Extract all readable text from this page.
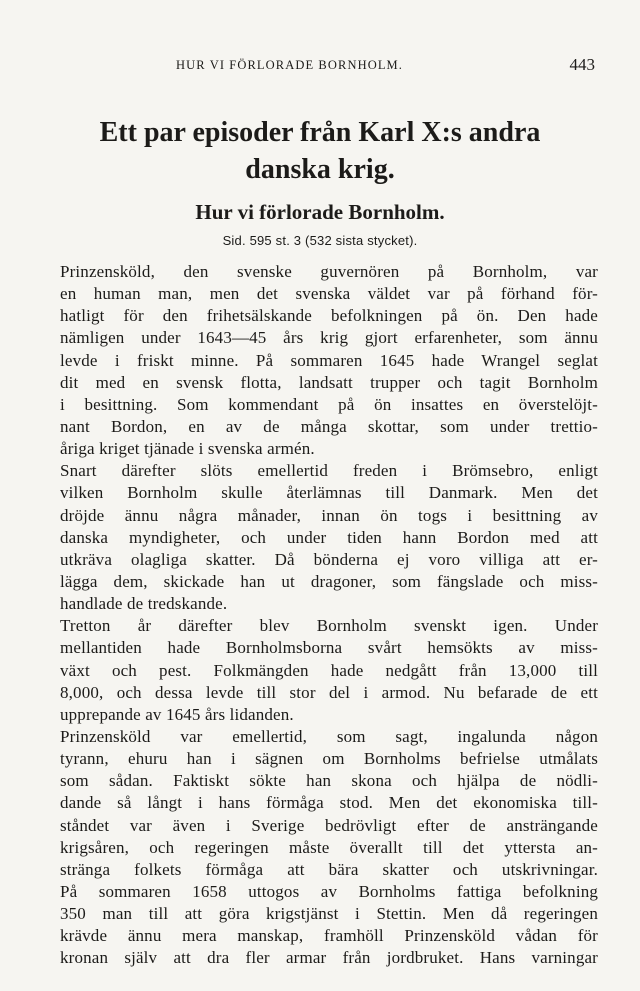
HUR VI FÖRLORADE BORNHOLM.	443
Ett par episoder från Karl X:s andra
danska krig.
Hur vi förlorade Bornholm.
Sid. 595 st. 3 (532 sista stycket).
Prinzensköld, den svenske guvernören på Bornholm, var
en human man, men det svenska väldet var på förhand för-
hatligt för den frihetsälskande befolkningen på ön. Den hade
nämligen under 1643—45 års krig gjort erfarenheter, som ännu
levde i friskt minne. På sommaren 1645 hade Wrangel seglat
dit med en svensk flotta, landsatt trupper och tagit Bornholm
i besittning. Som kommendant på ön insattes en överstelöjt-
nant Bordon, en av de många skottar, som under trettio-
åriga kriget tjänade i svenska armén.
Snart därefter slöts emellertid freden i Brömsebro, enligt
vilken Bornholm skulle återlämnas till Danmark. Men det
dröjde ännu några månader, innan ön togs i besittning av
danska myndigheter, och under tiden hann Bordon med att
utkräva olagliga skatter. Då bönderna ej voro villiga att er-
lägga dem, skickade han ut dragoner, som fängslade och miss-
handlade de tredskande.
Tretton år därefter blev Bornholm svenskt igen. Under
mellantiden hade Bornholmsborna svårt hemsökts av miss-
växt och pest. Folkmängden hade nedgått från 13,000 till
8,000, och dessa levde till stor del i armod. Nu befarade de ett
upprepande av 1645 års lidanden.
Prinzensköld var emellertid, som sagt, ingalunda någon
tyrann, ehuru han i sägnen om Bornholms befrielse utmålats
som sådan. Faktiskt sökte han skona och hjälpa de nödli-
dande så långt i hans förmåga stod. Men det ekonomiska till-
ståndet var även i Sverige bedrövligt efter de ansträngande
krigsåren, och regeringen måste överallt till det yttersta an-
stränga folkets förmåga att bära skatter och utskrivningar.
På sommaren 1658 uttogos av Bornholms fattiga befolkning
350 man till att göra krigstjänst i Stettin. Men då regeringen
krävde ännu mera manskap, framhöll Prinzensköld vådan för
kronan själv att dra fler armar från jordbruket. Hans varningar
